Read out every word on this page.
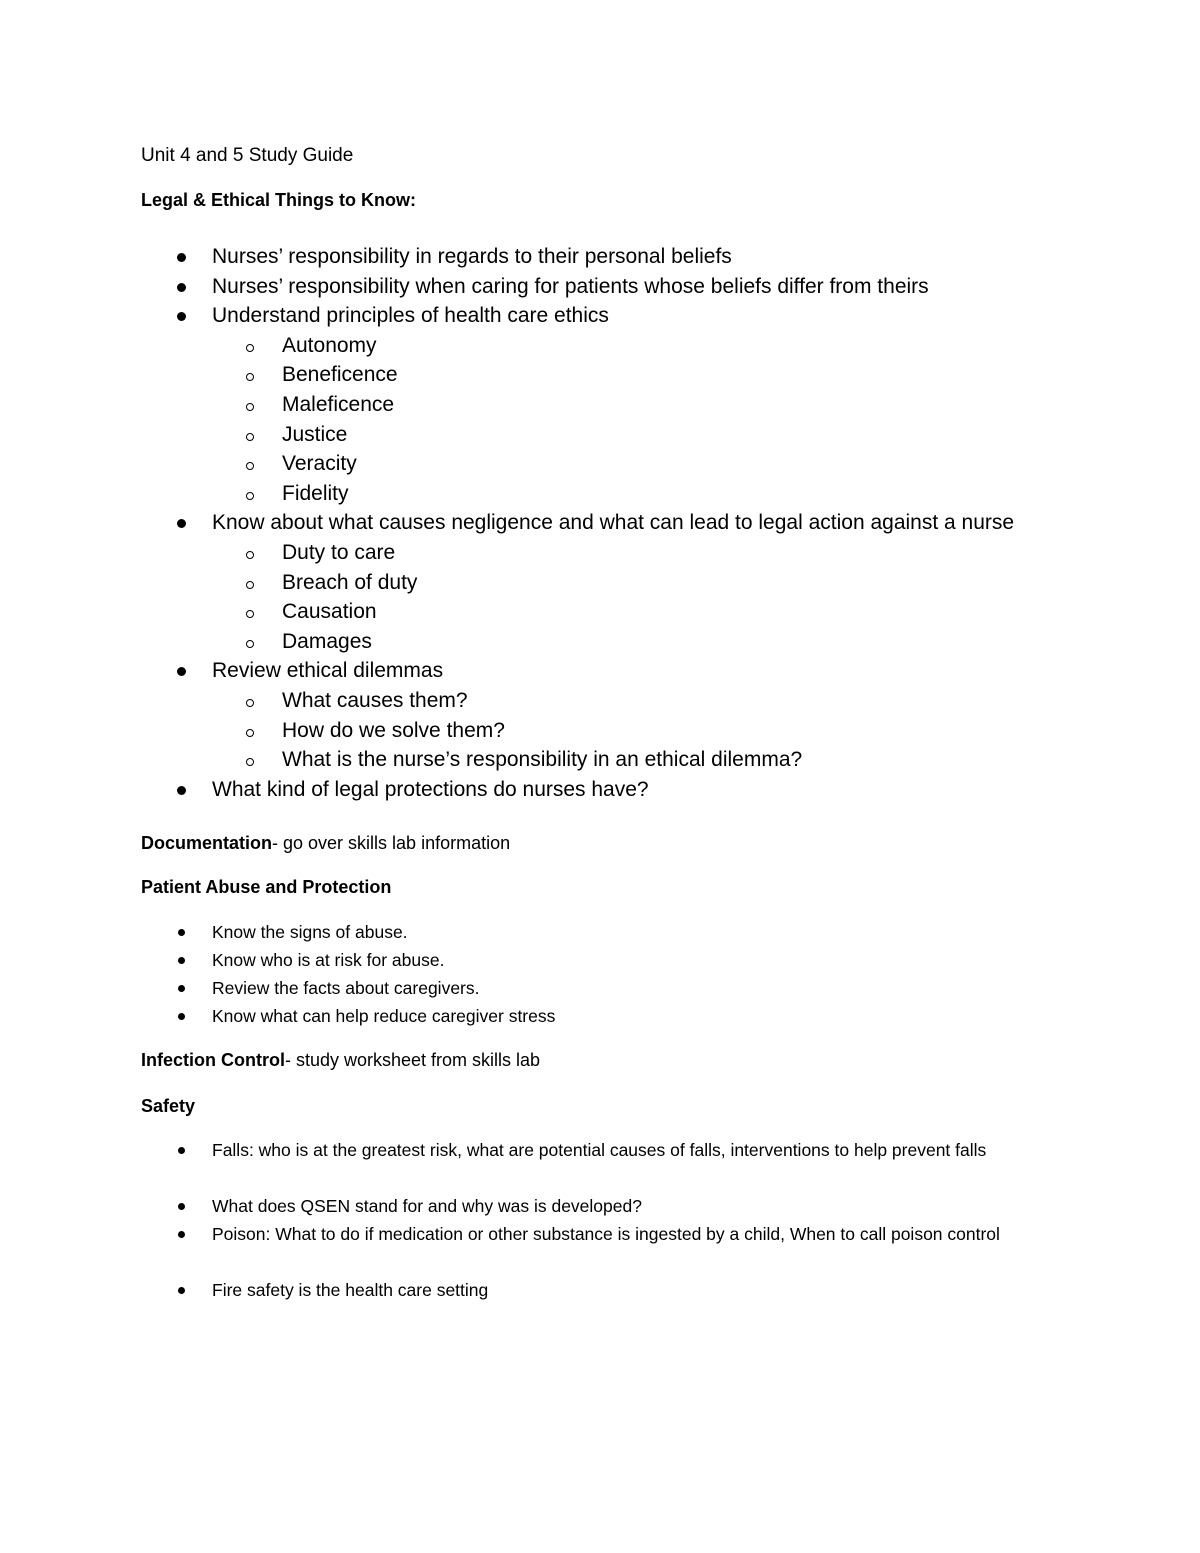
Unit 4 and 5 Study Guide
Legal & Ethical Things to Know:
Nurses’ responsibility in regards to their personal beliefs
Nurses’ responsibility when caring for patients whose beliefs differ from theirs
Understand principles of health care ethics
Autonomy
Beneficence
Maleficence
Justice
Veracity
Fidelity
Know about what causes negligence and what can lead to legal action against a nurse
Duty to care
Breach of duty
Causation
Damages
Review ethical dilemmas
What causes them?
How do we solve them?
What is the nurse’s responsibility in an ethical dilemma?
What kind of legal protections do nurses have?
Documentation- go over skills lab information
Patient Abuse and Protection
Know the signs of abuse.
Know who is at risk for abuse.
Review the facts about caregivers.
Know what can help reduce caregiver stress
Infection Control- study worksheet from skills lab
Safety
Falls: who is at the greatest risk, what are potential causes of falls, interventions to help prevent falls
What does QSEN stand for and why was is developed?
Poison: What to do if medication or other substance is ingested by a child, When to call poison control
Fire safety is the health care setting
